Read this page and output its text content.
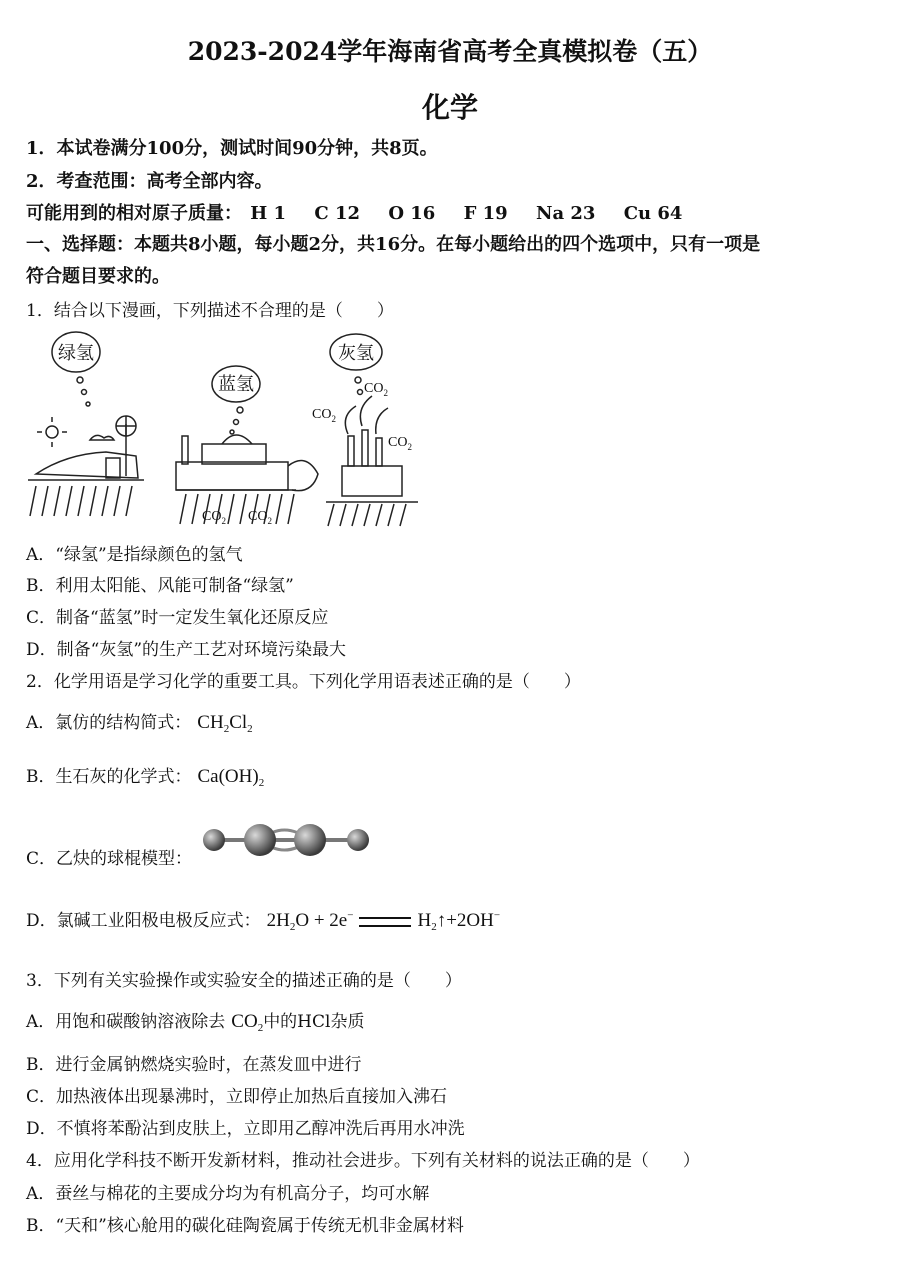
2023-2024学年海南省高考全真模拟卷（五）
化学
1．本试卷满分100分，测试时间90分钟，共8页。
2．考查范围：高考全部内容。
可能用到的相对原子质量： H 1 C 12 O 16 F 19 Na 23 Cu 64
一、选择题：本题共8小题，每小题2分，共16分。在每小题给出的四个选项中，只有一项是
符合题目要求的。
1．结合以下漫画，下列描述不合理的是（　　）
绿氢
蓝氢
灰氢
$CO_2$ $CO_2$
$CO_2$
$CO_2$
$CO_2$
A．“绿氢”是指绿颜色的氢气
B．利用太阳能、风能可制备“绿氢”
C．制备“蓝氢”时一定发生氧化还原反应
D．制备“灰氢”的生产工艺对环境污染最大
2．化学用语是学习化学的重要工具。下列化学用语表述正确的是（　　）
A．氯仿的结构简式： $CH_2Cl_2$
B．生石灰的化学式： $Ca(OH)_2$
C．乙炔的球棍模型：
D．氯碱工业阳极电极反应式： $2H_2O + 2e^-$	$H_2↑+2OH^-$
3．下列有关实验操作或实验安全的描述正确的是（　　）
A．用饱和碳酸钠溶液除去 $CO_2$中的HCl杂质
B．进行金属钠燃烧实验时，在蒸发皿中进行
C．加热液体出现暴沸时，立即停止加热后直接加入沸石
D．不慎将苯酚沾到皮肤上，立即用乙醇冲洗后再用水冲洗
4．应用化学科技不断开发新材料，推动社会进步。下列有关材料的说法正确的是（　　）
A．蚕丝与棉花的主要成分均为有机高分子，均可水解
B．“天和”核心舱用的碳化硅陶瓷属于传统无机非金属材料
